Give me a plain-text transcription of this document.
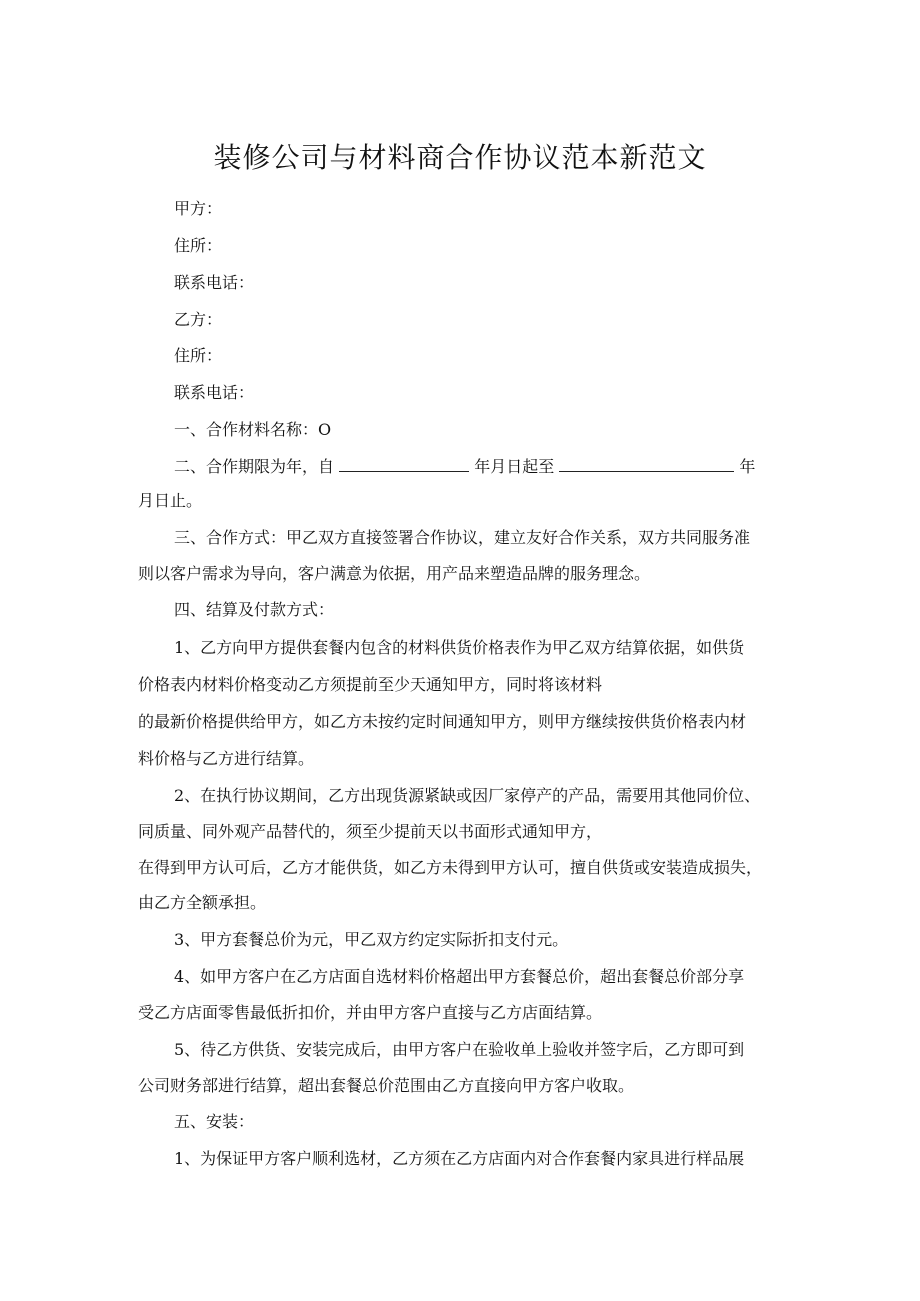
装修公司与材料商合作协议范本新范文
甲方：
住所：
联系电话：
乙方：
住所：
联系电话：
一、合作材料名称：O
二、合作期限为年，自	年月日起至	年
月日止。
三、合作方式：甲乙双方直接签署合作协议，建立友好合作关系，双方共同服务准
则以客户需求为导向，客户满意为依据，用产品来塑造品牌的服务理念。
四、结算及付款方式：
1、乙方向甲方提供套餐内包含的材料供货价格表作为甲乙双方结算依据，如供货
价格表内材料价格变动乙方须提前至少天通知甲方，同时将该材料
的最新价格提供给甲方，如乙方未按约定时间通知甲方，则甲方继续按供货价格表内材
料价格与乙方进行结算。
2、在执行协议期间，乙方出现货源紧缺或因厂家停产的产品，需要用其他同价位、
同质量、同外观产品替代的，须至少提前天以书面形式通知甲方，
在得到甲方认可后，乙方才能供货，如乙方未得到甲方认可，擅自供货或安装造成损失，
由乙方全额承担。
3、甲方套餐总价为元，甲乙双方约定实际折扣支付元。
4、如甲方客户在乙方店面自选材料价格超出甲方套餐总价，超出套餐总价部分享
受乙方店面零售最低折扣价，并由甲方客户直接与乙方店面结算。
5、待乙方供货、安装完成后，由甲方客户在验收单上验收并签字后，乙方即可到
公司财务部进行结算，超出套餐总价范围由乙方直接向甲方客户收取。
五、安装：
1、为保证甲方客户顺利选材，乙方须在乙方店面内对合作套餐内家具进行样品展
